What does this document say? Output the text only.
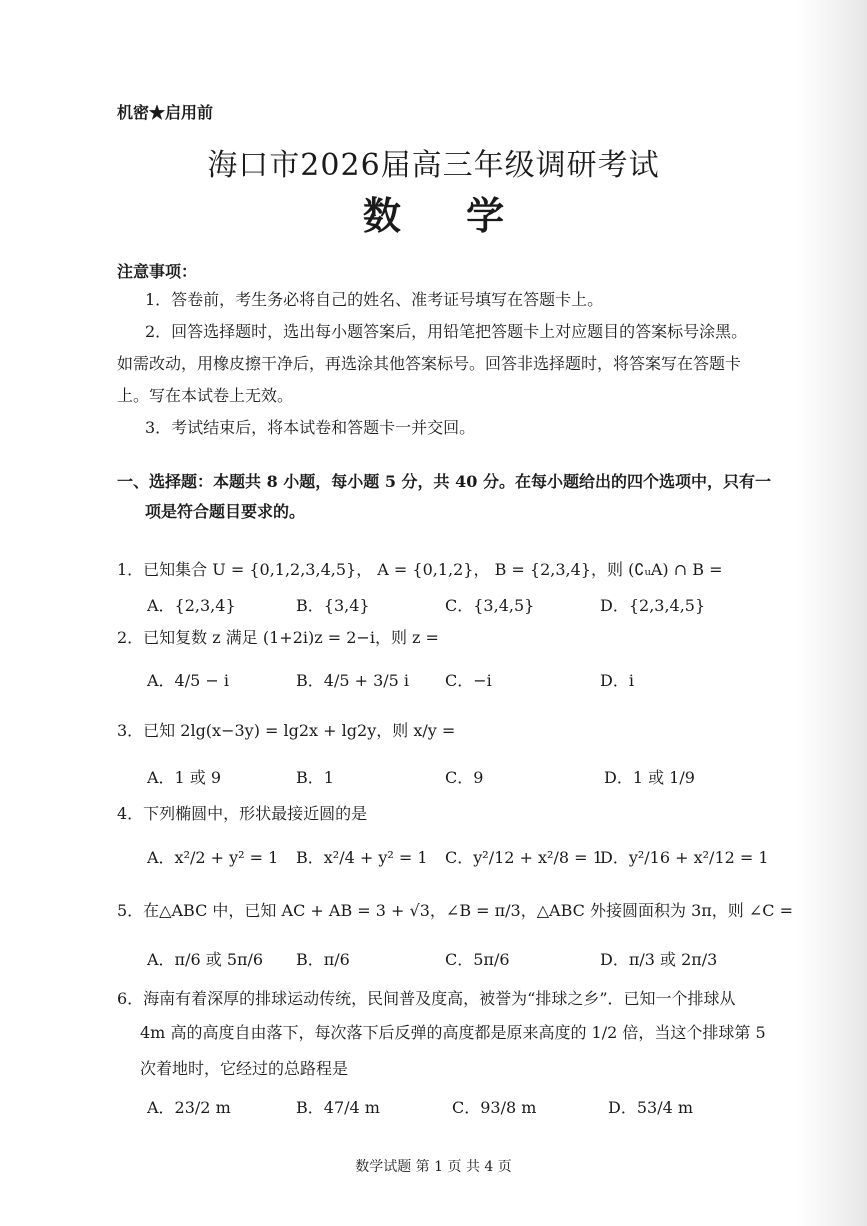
机密★启用前
海口市2026届高三年级调研考试
数 学
注意事项：
1．答卷前，考生务必将自己的姓名、准考证号填写在答题卡上。
2．回答选择题时，选出每小题答案后，用铅笔把答题卡上对应题目的答案标号涂黑。
如需改动，用橡皮擦干净后，再选涂其他答案标号。回答非选择题时，将答案写在答题卡
上。写在本试卷上无效。
3．考试结束后，将本试卷和答题卡一并交回。
一、选择题：本题共 8 小题，每小题 5 分，共 40 分。在每小题给出的四个选项中，只有一
项是符合题目要求的。
1．已知集合 U = {0,1,2,3,4,5}， A = {0,1,2}， B = {2,3,4}，则 (∁ᵤA) ∩ B =
A．{2,3,4}	B．{3,4}	C．{3,4,5}	D．{2,3,4,5}
2．已知复数 z 满足 (1+2i)z = 2−i，则 z =
A．4/5 − i	B．4/5 + 3/5 i C．−i	D．i
3．已知 2lg(x−3y) = lg2x + lg2y，则 x/y =
A．1 或 9	B．1	C．9	D．1 或 1/9
4．下列椭圆中，形状最接近圆的是
A．x²/2 + y² = 1 B．x²/4 + y² = 1 C．y²/12 + x²/8 = 1
D．y²/16 + x²/12 = 1
5．在△ABC 中，已知 AC + AB = 3 + √3，∠B = π/3，△ABC 外接圆面积为 3π，则 ∠C =
A．π/6 或 5π/6 B．π/6	C．5π/6	D．π/3 或 2π/3
6．海南有着深厚的排球运动传统，民间普及度高，被誉为“排球之乡”．已知一个排球从
4m 高的高度自由落下，每次落下后反弹的高度都是原来高度的 1/2 倍，当这个排球第 5
次着地时，它经过的总路程是
A．23/2 m	B．47/4 m	C．93/8 m	D．53/4 m
数学试题 第 1 页 共 4 页
